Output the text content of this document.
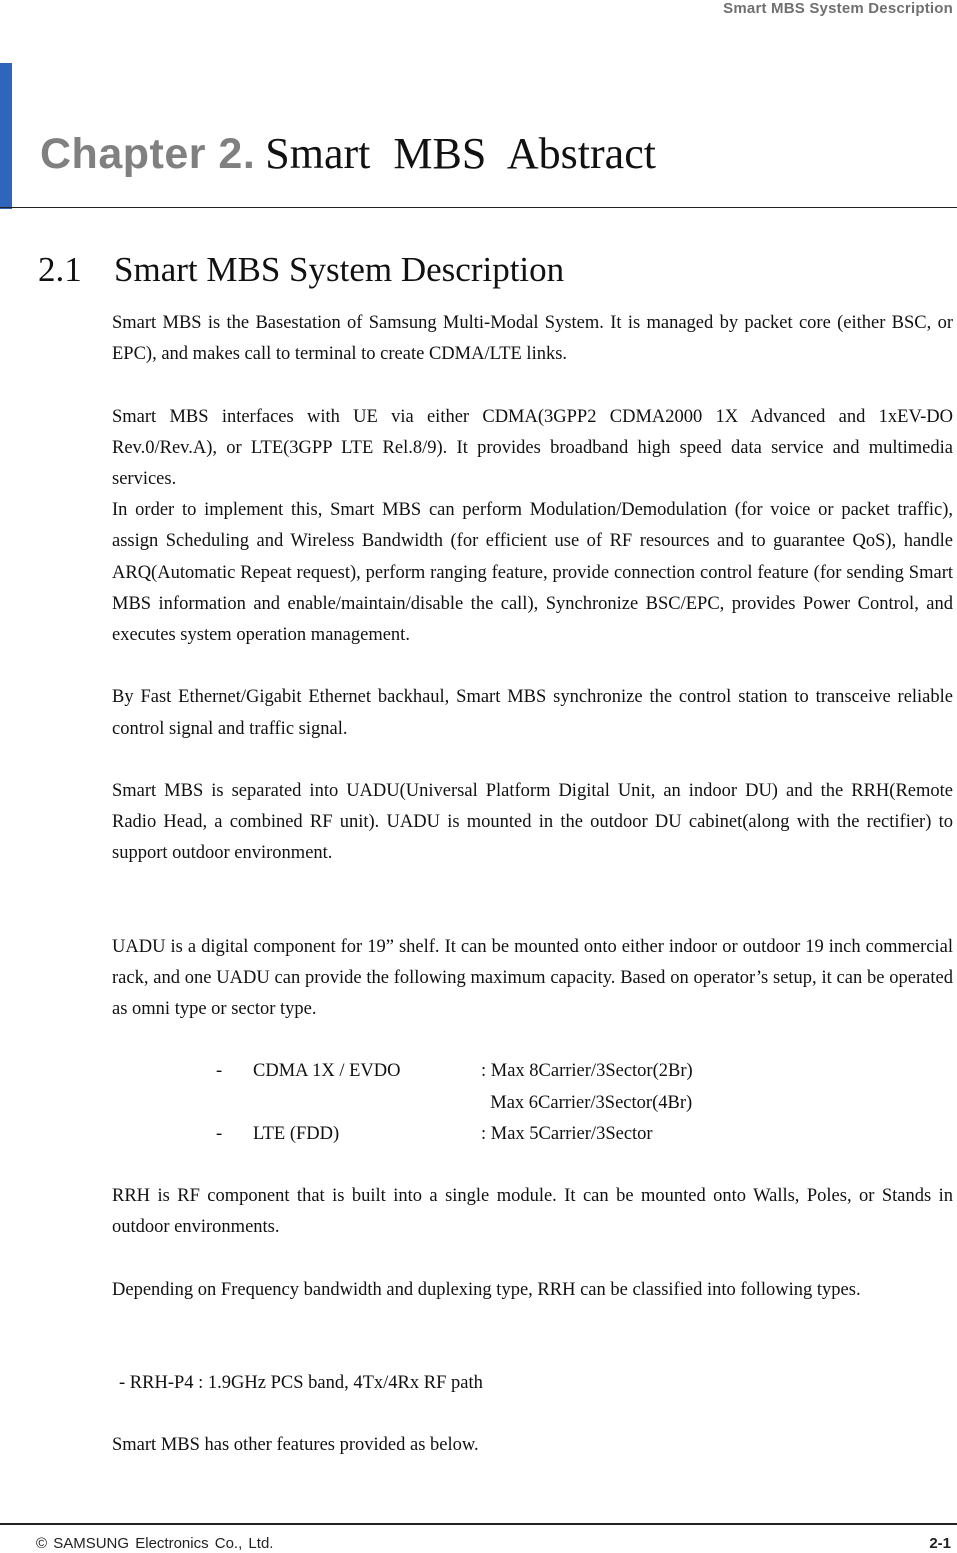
Smart MBS System Description
Chapter 2. Smart MBS Abstract
2.1 Smart MBS System Description

Smart MBS is the Basestation of Samsung Multi-Modal System. It is managed by packet core (either BSC, or EPC), and makes call to terminal to create CDMA/LTE links.

Smart MBS interfaces with UE via either CDMA(3GPP2 CDMA2000 1X Advanced and 1xEV-DO Rev.0/Rev.A), or LTE(3GPP LTE Rel.8/9). It provides broadband high speed data service and multimedia services.

In order to implement this, Smart MBS can perform Modulation/Demodulation (for voice or packet traffic), assign Scheduling and Wireless Bandwidth (for efficient use of RF resources and to guarantee QoS), handle ARQ(Automatic Repeat request), perform ranging feature, provide connection control feature (for sending Smart MBS information and enable/maintain/disable the call), Synchronize BSC/EPC, provides Power Control, and executes system operation management.

By Fast Ethernet/Gigabit Ethernet backhaul, Smart MBS synchronize the control station to transceive reliable control signal and traffic signal.

Smart MBS is separated into UADU(Universal Platform Digital Unit, an indoor DU) and the RRH(Remote Radio Head, a combined RF unit). UADU is mounted in the outdoor DU cabinet(along with the rectifier) to support outdoor environment.

UADU is a digital component for 19” shelf. It can be mounted onto either indoor or outdoor 19 inch commercial rack, and one UADU can provide the following maximum capacity. Based on operator’s setup, it can be operated as omni type or sector type.

-	CDMA 1X / EVDO	: Max 8Carrier/3Sector(2Br)
Max 6Carrier/3Sector(4Br)
-	LTE (FDD)	: Max 5Carrier/3Sector

RRH is RF component that is built into a single module. It can be mounted onto Walls, Poles, or Stands in outdoor environments.

Depending on Frequency bandwidth and duplexing type, RRH can be classified into following types.

- RRH-P4 : 1.9GHz PCS band, 4Tx/4Rx RF path

Smart MBS has other features provided as below.

© SAMSUNG Electronics Co., Ltd.	2-1
